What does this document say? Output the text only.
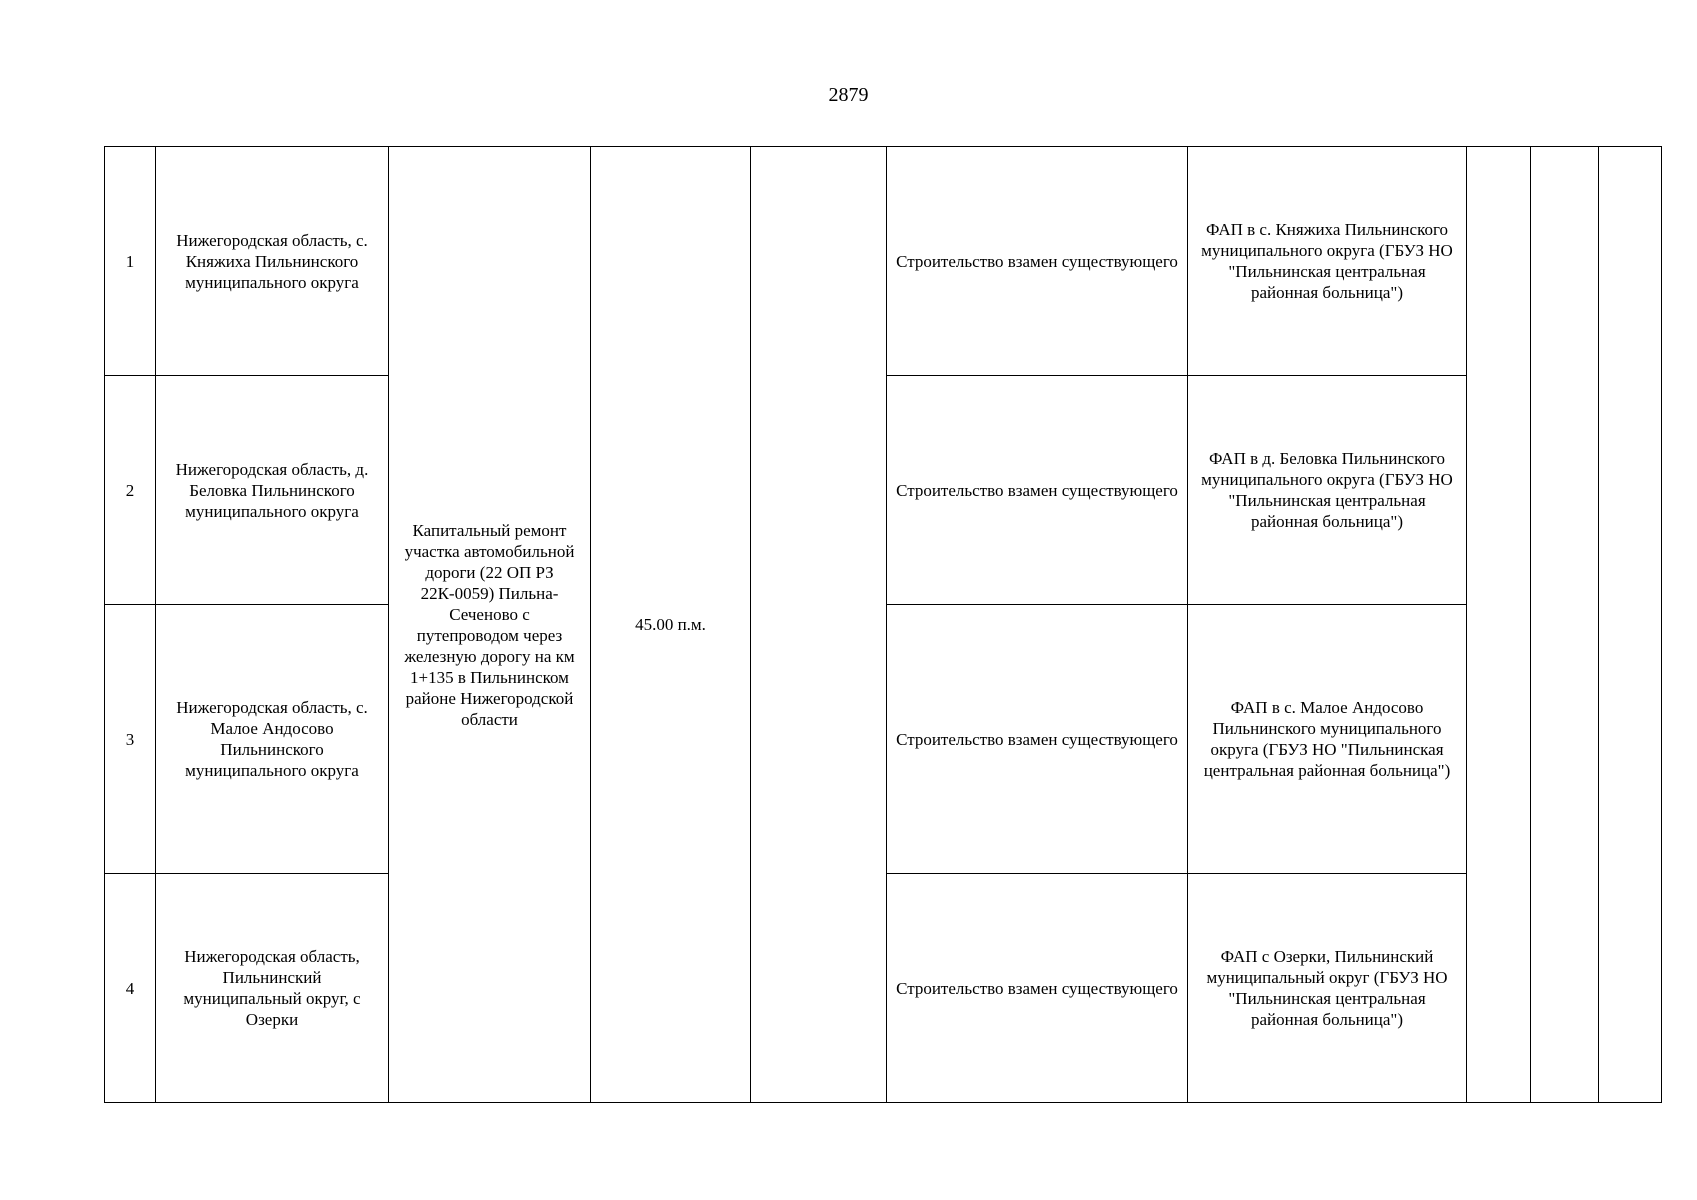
2879
1	Нижегородская область, с. Княжиха Пильнинского муниципального округа	Капитальный ремонт участка автомобильной дороги (22 ОП РЗ 22К-0059) Пильна-Сеченово с путепроводом через железную дорогу на км 1+135 в Пильнинском районе Нижегородской области	45.00 п.м.		Строительство взамен существующего	ФАП в с. Княжиха Пильнинского муниципального округа (ГБУЗ НО "Пильнинская центральная районная больница")			
2	Нижегородская область, д. Беловка Пильнинского муниципального округа				Строительство взамен существующего	ФАП в д. Беловка Пильнинского муниципального округа (ГБУЗ НО "Пильнинская центральная районная больница")			
3	Нижегородская область, с. Малое Андосово Пильнинского муниципального округа				Строительство взамен существующего	ФАП в с. Малое Андосово Пильнинского муниципального округа (ГБУЗ НО "Пильнинская центральная районная больница")			
4	Нижегородская область, Пильнинский муниципальный округ, с Озерки				Строительство взамен существующего	ФАП с Озерки, Пильнинский муниципальный округ (ГБУЗ НО "Пильнинская центральная районная больница")			
